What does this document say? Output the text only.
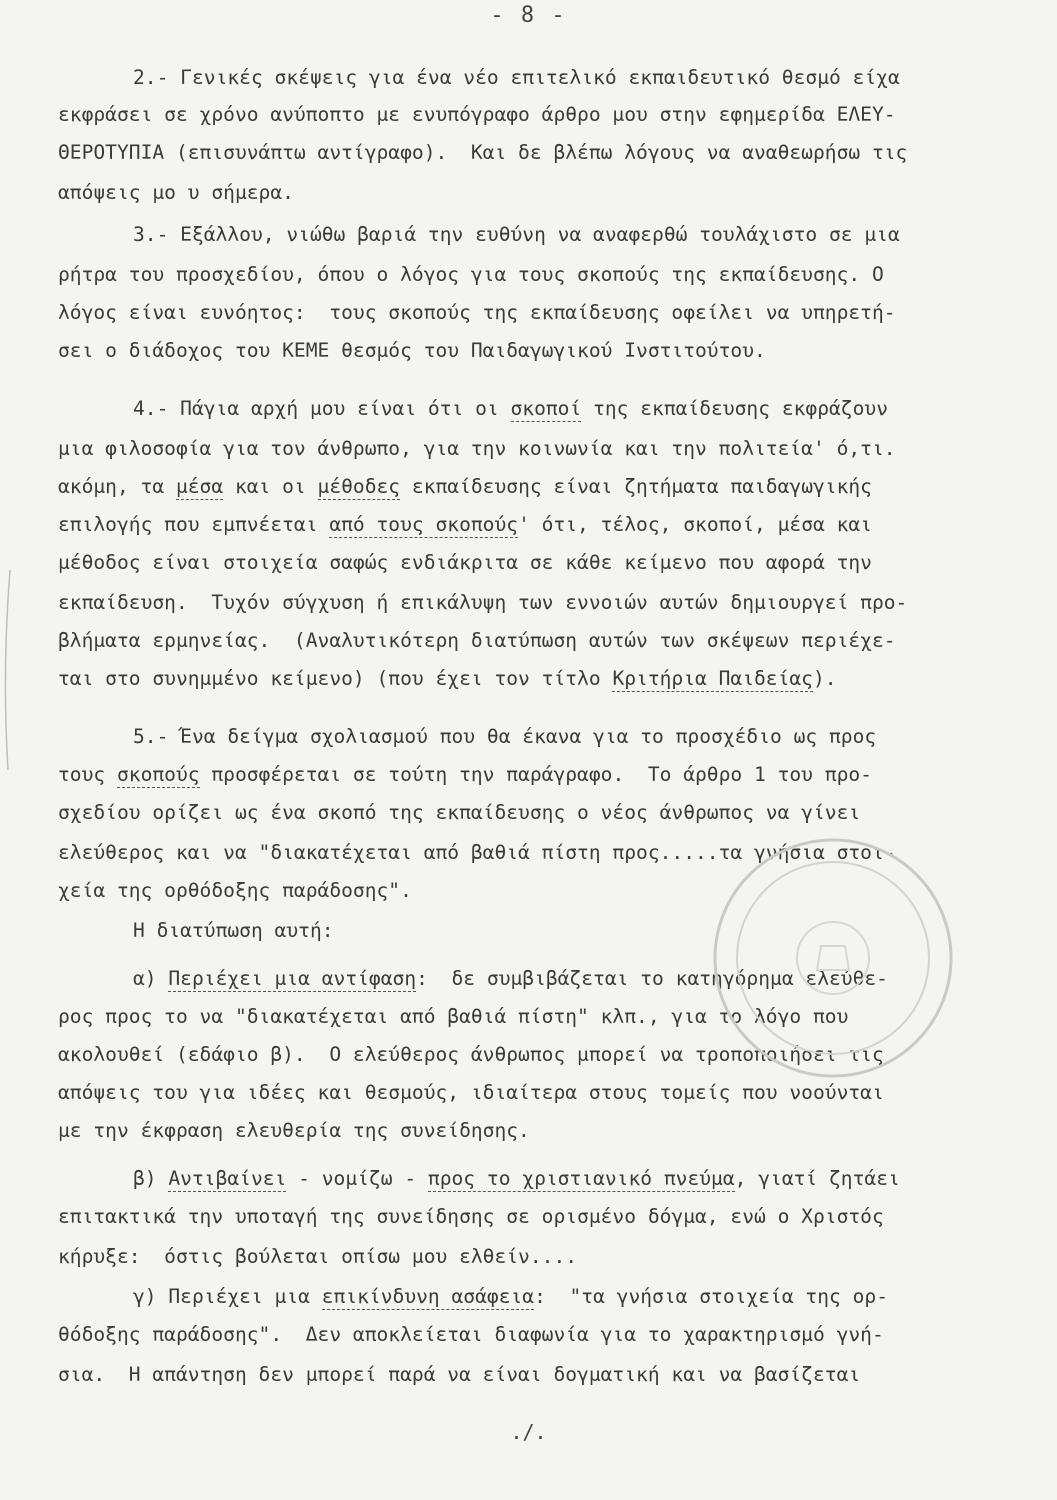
- 8 -
2.- Γενικές σκέψεις για ένα νέο επιτελικό εκπαιδευτικό θεσμό είχα
εκφράσει σε χρόνο ανύποπτο με ενυπόγραφο άρθρο μου στην εφημερίδα ΕΛΕΥ-
ΘΕΡΟΤΥΠΙΑ (επισυνάπτω αντίγραφο).  Και δε βλέπω λόγους να αναθεωρήσω τις
απόψεις μο υ σήμερα.
3.- Εξάλλου, νιώθω βαριά την ευθύνη να αναφερθώ τουλάχιστο σε μια
ρήτρα του προσχεδίου, όπου ο λόγος για τους σκοπούς της εκπαίδευσης. Ο
λόγος είναι ευνόητος:  τους σκοπούς της εκπαίδευσης οφείλει να υπηρετή-
σει ο διάδοχος του ΚΕΜΕ θεσμός του Παιδαγωγικού Ινστιτούτου.
4.- Πάγια αρχή μου είναι ότι οι σκοποί της εκπαίδευσης εκφράζουν
μια φιλοσοφία για τον άνθρωπο, για την κοινωνία και την πολιτεία' ό,τι.
ακόμη, τα μέσα και οι μέθοδες εκπαίδευσης είναι ζητήματα παιδαγωγικής
επιλογής που εμπνέεται από τους σκοπούς' ότι, τέλος, σκοποί, μέσα και
μέθοδος είναι στοιχεία σαφώς ενδιάκριτα σε κάθε κείμενο που αφορά την
εκπαίδευση.  Τυχόν σύγχυση ή επικάλυψη των εννοιών αυτών δημιουργεί προ-
βλήματα ερμηνείας.  (Αναλυτικότερη διατύπωση αυτών των σκέψεων περιέχε-
ται στο συνημμένο κείμενο) (που έχει τον τίτλο Κριτήρια Παιδείας).
5.- Ένα δείγμα σχολιασμού που θα έκανα για το προσχέδιο ως προς
τους σκοπούς προσφέρεται σε τούτη την παράγραφο.  Το άρθρο 1 του προ-
σχεδίου ορίζει ως ένα σκοπό της εκπαίδευσης ο νέος άνθρωπος να γίνει
ελεύθερος και να "διακατέχεται από βαθιά πίστη προς.....τα γνήσια στοι-
χεία της ορθόδοξης παράδοσης".
Η διατύπωση αυτή:
α) Περιέχει μια αντίφαση:  δε συμβιβάζεται το κατηγόρημα ελεύθε-
ρος προς το να "διακατέχεται από βαθιά πίστη" κλπ., για το λόγο που
ακολουθεί (εδάφιο β).  Ο ελεύθερος άνθρωπος μπορεί να τροποποιήσει τις
απόψεις του για ιδέες και θεσμούς, ιδιαίτερα στους τομείς που νοούνται
με την έκφραση ελευθερία της συνείδησης.
β) Αντιβαίνει - νομίζω - προς το χριστιανικό πνεύμα, γιατί ζητάει
επιτακτικά την υποταγή της συνείδησης σε ορισμένο δόγμα, ενώ ο Χριστός
κήρυξε:  όστις βούλεται οπίσω μου ελθείν....
γ) Περιέχει μια επικίνδυνη ασάφεια:  "τα γνήσια στοιχεία της ορ-
θόδοξης παράδοσης".  Δεν αποκλείεται διαφωνία για το χαρακτηρισμό γνή-
σια.  Η απάντηση δεν μπορεί παρά να είναι δογματική και να βασίζεται
./.
